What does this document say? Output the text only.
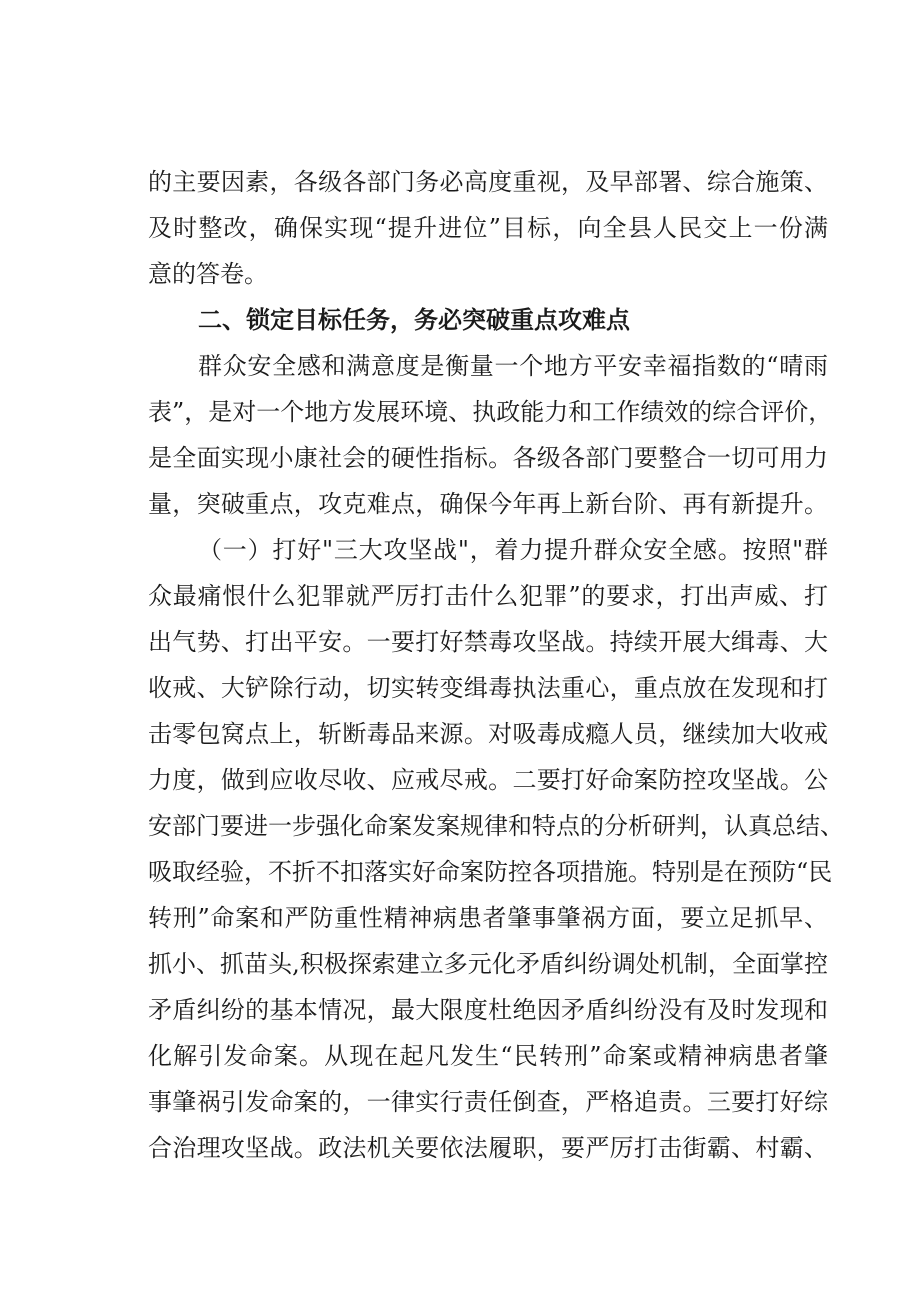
的主要因素，各级各部门务必高度重视，及早部署、综合施策、

及时整改，确保实现“提升进位”目标，向全县人民交上一份满

意的答卷。

二、锁定目标任务，务必突破重点攻难点

群众安全感和满意度是衡量一个地方平安幸福指数的“晴雨

表”，是对一个地方发展环境、执政能力和工作绩效的综合评价，

是全面实现小康社会的硬性指标。各级各部门要整合一切可用力

量，突破重点，攻克难点，确保今年再上新台阶、再有新提升。

（一）打好"三大攻坚战"，着力提升群众安全感。按照"群

众最痛恨什么犯罪就严厉打击什么犯罪”的要求，打出声威、打

出气势、打出平安。一要打好禁毒攻坚战。持续开展大缉毒、大

收戒、大铲除行动，切实转变缉毒执法重心，重点放在发现和打

击零包窝点上，斩断毒品来源。对吸毒成瘾人员，继续加大收戒

力度，做到应收尽收、应戒尽戒。二要打好命案防控攻坚战。公

安部门要进一步强化命案发案规律和特点的分析研判，认真总结、

吸取经验，不折不扣落实好命案防控各项措施。特别是在预防“民

转刑”命案和严防重性精神病患者肇事肇祸方面，要立足抓早、

抓小、抓苗头,积极探索建立多元化矛盾纠纷调处机制，全面掌控

矛盾纠纷的基本情况，最大限度杜绝因矛盾纠纷没有及时发现和

化解引发命案。从现在起凡发生“民转刑”命案或精神病患者肇

事肇祸引发命案的，一律实行责任倒查，严格追责。三要打好综

合治理攻坚战。政法机关要依法履职，要严厉打击街霸、村霸、
